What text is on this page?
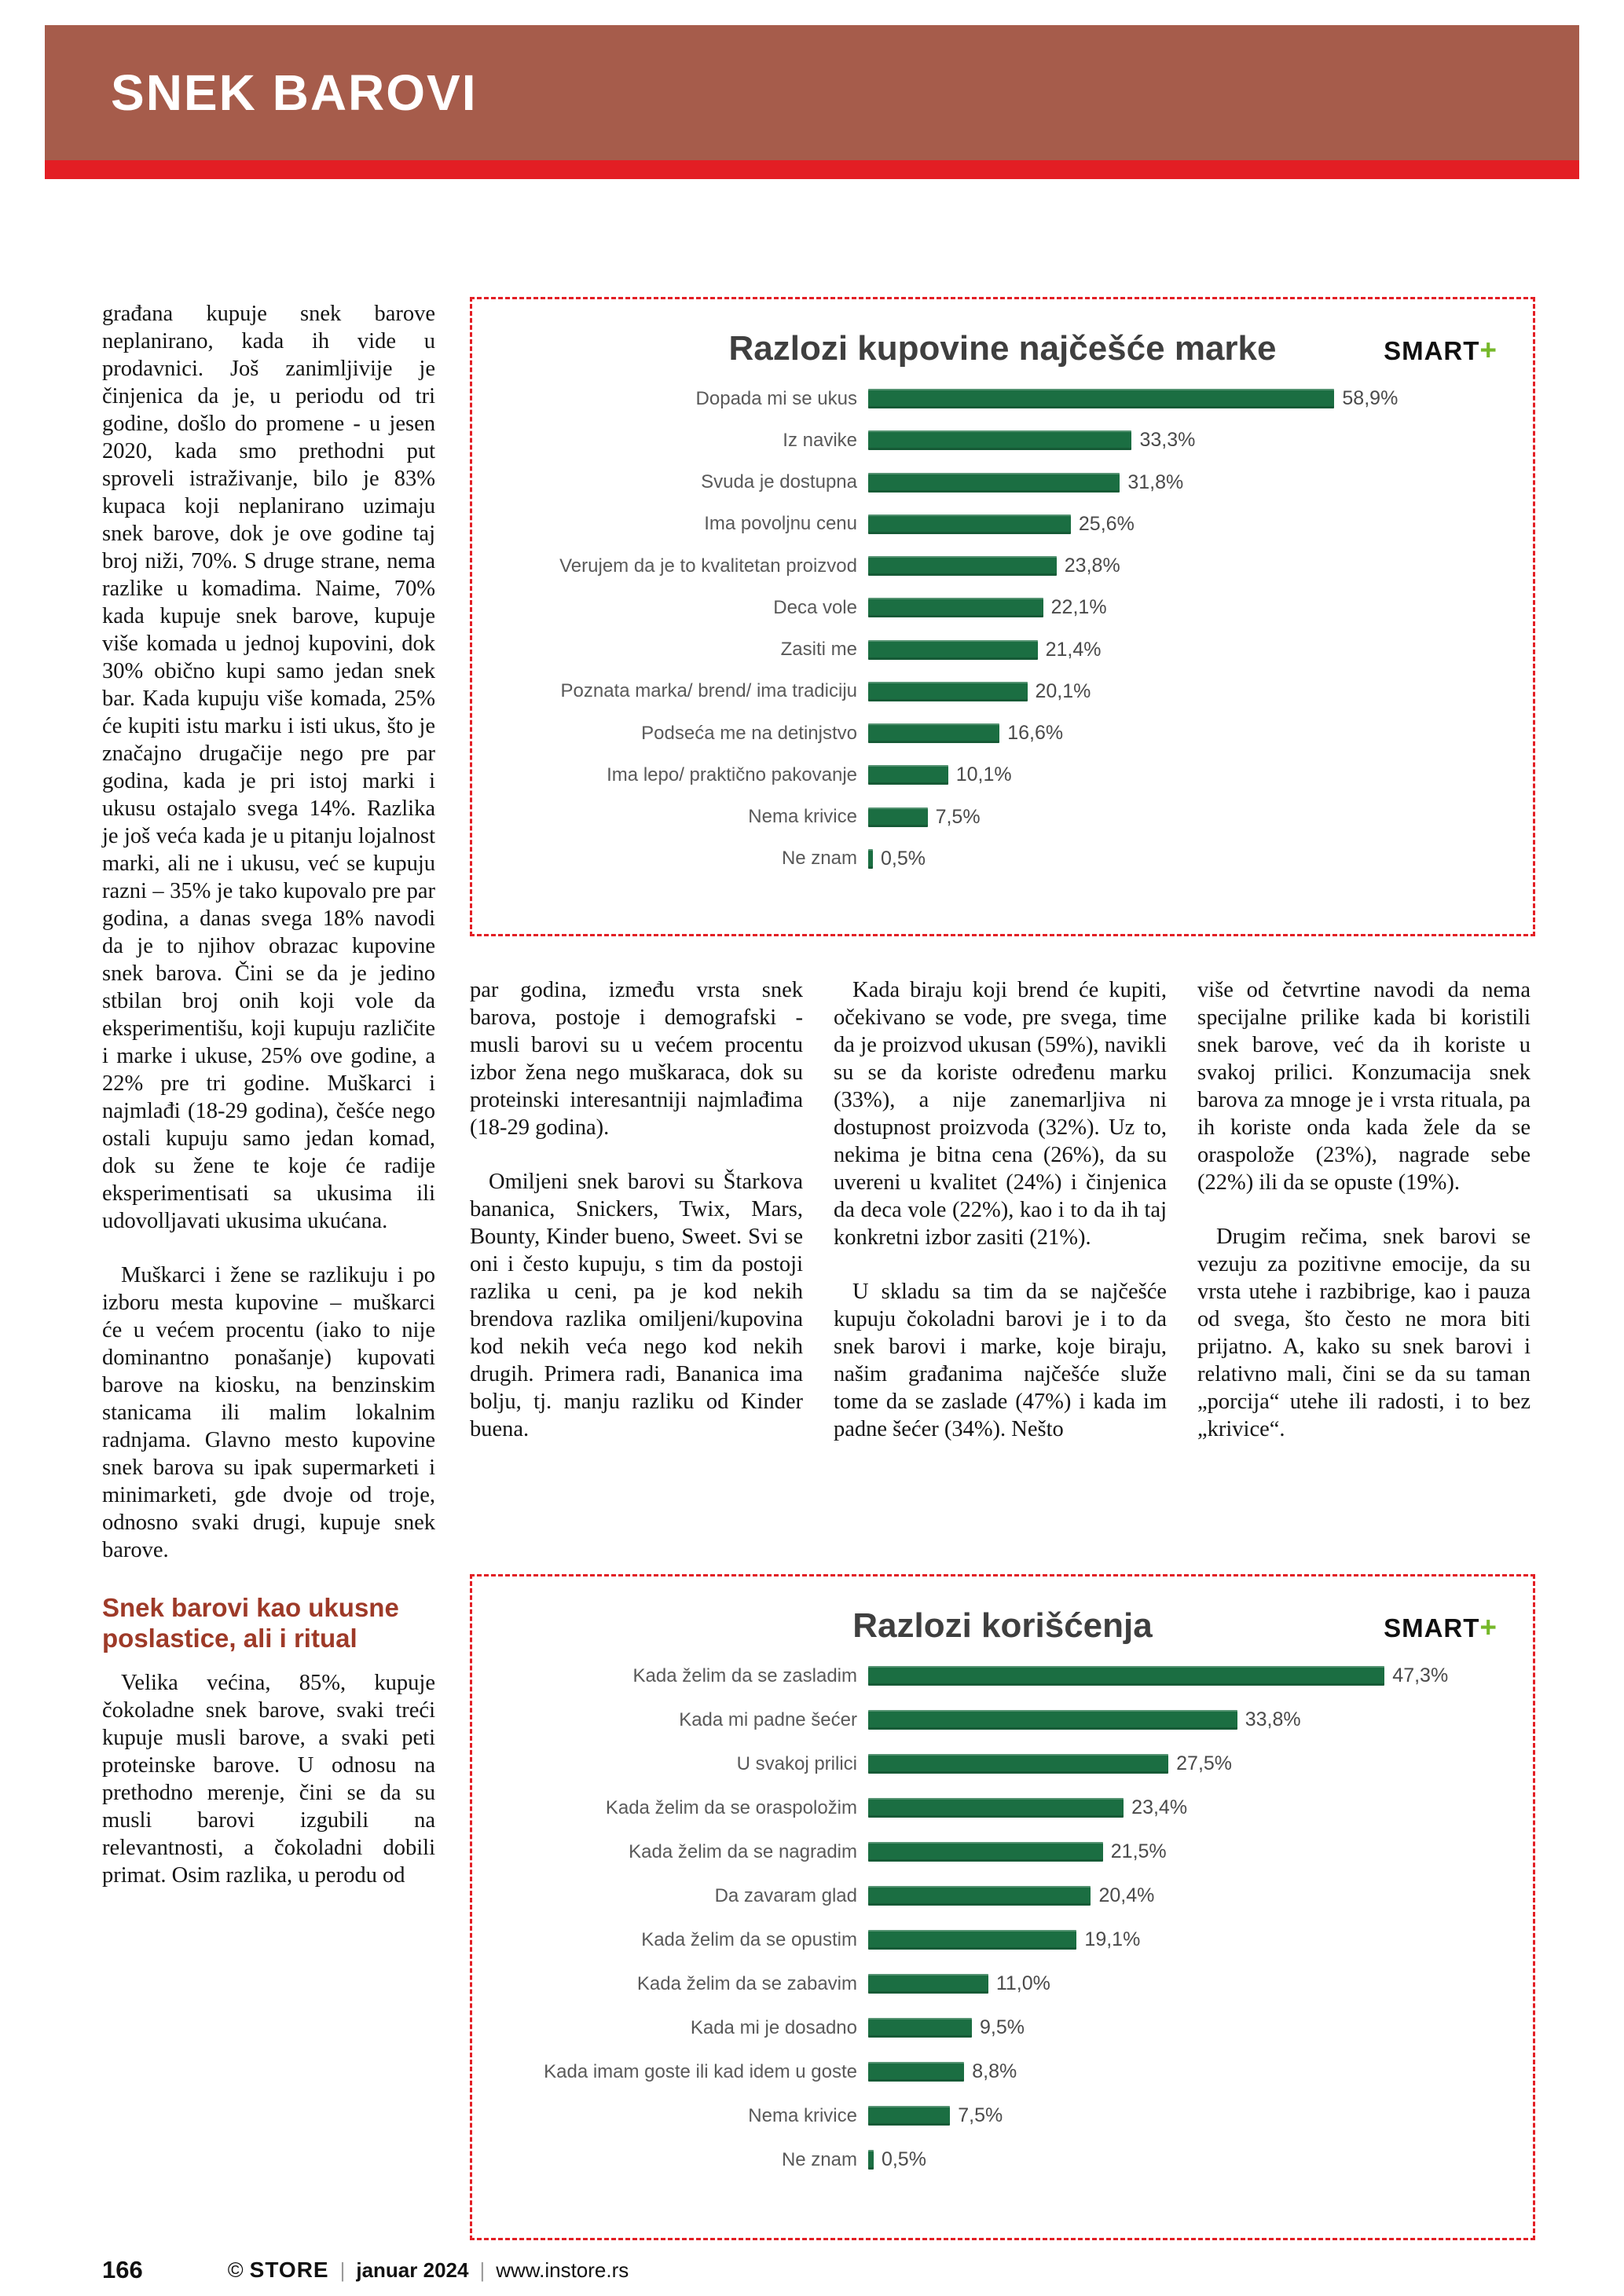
SNEK BAROVI

građana kupuje snek barove neplanirano, kada ih vide u prodavnici. Još zanimljivije je činjenica da je, u periodu od tri godine, došlo do promene - u jesen 2020, kada smo prethodni put sproveli istraživanje, bilo je 83% kupaca koji neplanirano uzimaju snek barove, dok je ove godine taj broj niži, 70%. S druge strane, nema razlike u komadima. Naime, 70% kada kupuje snek barove, kupuje više komada u jednoj kupovini, dok 30% obično kupi samo jedan snek bar. Kada kupuju više komada, 25% će kupiti istu marku i isti ukus, što je značajno drugačije nego pre par godina, kada je pri istoj marki i ukusu ostajalo svega 14%. Razlika je još veća kada je u pitanju lojalnost marki, ali ne i ukusu, već se kupuju razni – 35% je tako kupovalo pre par godina, a danas svega 18% navodi da je to njihov obrazac kupovine snek barova. Čini se da je jedino stbilan broj onih koji vole da eksperimentišu, koji kupuju različite i marke i ukuse, 25% ove godine, a 22% pre tri godine. Muškarci i najmlađi (18-29 godina), češće nego ostali kupuju samo jedan komad, dok su žene te koje će radije eksperimentisati sa ukusima ili udovolljavati ukusima ukućana.

Muškarci i žene se razlikuju i po izboru mesta kupovine – muškarci će u većem procentu (iako to nije dominantno ponašanje) kupovati barove na kiosku, na benzinskim stanicama ili malim lokalnim radnjama. Glavno mesto kupovine snek barova su ipak supermarketi i minimarketi, gde dvoje od troje, odnosno svaki drugi, kupuje snek barove.

Snek barovi kao ukusne poslastice, ali i ritual

Velika većina, 85%, kupuje čokoladne snek barove, svaki treći kupuje musli barove, a svaki peti proteinske barove. U odnosu na prethodno merenje, čini se da su musli barovi izgubili na relevantnosti, a čokoladni dobili primat. Osim razlika, u perodu od

par godina, između vrsta snek barova, postoje i demografski - musli barovi su u većem procentu izbor žena nego muškaraca, dok su proteinski interesantniji najmlađima (18-29 godina).

Omiljeni snek barovi su Štarkova bananica, Snickers, Twix, Mars, Bounty, Kinder bueno, Sweet. Svi se oni i često kupuju, s tim da postoji razlika u ceni, pa je kod nekih brendova razlika omiljeni/kupovina kod nekih veća nego kod nekih drugih. Primera radi, Bananica ima bolju, tj. manju razliku od Kinder buena.

Kada biraju koji brend će kupiti, očekivano se vode, pre svega, time da je proizvod ukusan (59%), navikli su se da koriste određenu marku (33%), a nije zanemarljiva ni dostupnost proizvoda (32%). Uz to, nekima je bitna cena (26%), da su uvereni u kvalitet (24%) i činjenica da deca vole (22%), kao i to da ih taj konkretni izbor zasiti (21%).

U skladu sa tim da se najčešće kupuju čokoladni barovi je i to da snek barovi i marke, koje biraju, našim građanima najčešće služe tome da se zaslade (47%) i kada im padne šećer (34%). Nešto

više od četvrtine navodi da nema specijalne prilike kada bi koristili snek barove, već da ih koriste u svakoj prilici. Konzumacija snek barova za mnoge je i vrsta rituala, pa ih koriste onda kada žele da se oraspolože (23%), nagrade sebe (22%) ili da se opuste (19%).

Drugim rečima, snek barovi se vezuju za pozitivne emocije, da su vrsta utehe i razbibrige, kao i pauza od svega, što često ne mora biti prijatno. A, kako su snek barovi i relativno mali, čini se da su taman „porcija“ utehe ili radosti, i to bez „krivice“.

Razlozi kupovine najčešće marke	SMART+
Dopada mi se ukus	58,9%
Iz navike	33,3%
Svuda je dostupna	31,8%
Ima povoljnu cenu	25,6%
Verujem da je to kvalitetan proizvod	23,8%
Deca vole	22,1%
Zasiti me	21,4%
Poznata marka/ brend/ ima tradiciju	20,1%
Podseća me na detinjstvo	16,6%
Ima lepo/ praktično pakovanje	10,1%
Nema krivice	7,5%
Ne znam	0,5%
Razlozi korišćenja	SMART+
Kada želim da se zasladim	47,3%
Kada mi padne šećer	33,8%
U svakoj prilici	27,5%
Kada želim da se oraspoložim	23,4%
Kada želim da se nagradim	21,5%
Da zavaram glad	20,4%
Kada želim da se opustim	19,1%
Kada želim da se zabavim	11,0%
Kada mi je dosadno	9,5%
Kada imam goste ili kad idem u goste	8,8%
Nema krivice	7,5%
Ne znam	0,5%
166	© STORE | januar 2024 | www.instore.rs
